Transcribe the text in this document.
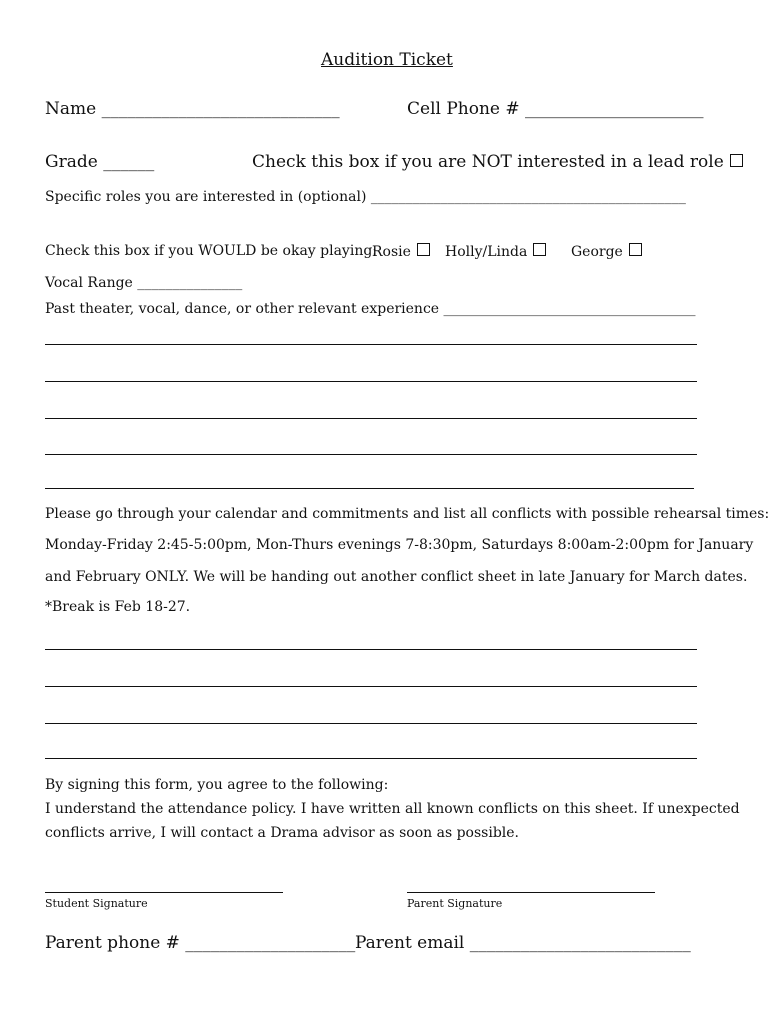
Audition Ticket
Name ____________________________	Cell Phone # _____________________
Grade ______	Check this box if you are NOT interested in a lead role
Specific roles you are interested in (optional) _____________________________________________
Check this box if you WOULD be okay playing:
Rosie	Holly/Linda	George
Vocal Range _______________
Past theater, vocal, dance, or other relevant experience ____________________________________
Please go through your calendar and commitments and list all conflicts with possible rehearsal times:
Monday-Friday 2:45-5:00pm, Mon-Thurs evenings 7-8:30pm, Saturdays 8:00am-2:00pm for January
and February ONLY. We will be handing out another conflict sheet in late January for March dates.
*Break is Feb 18-27.
By signing this form, you agree to the following:
I understand the attendance policy. I have written all known conflicts on this sheet. If unexpected
conflicts arrive, I will contact a Drama advisor as soon as possible.
Student Signature	Parent Signature
Parent phone # ____________________ Parent email __________________________
